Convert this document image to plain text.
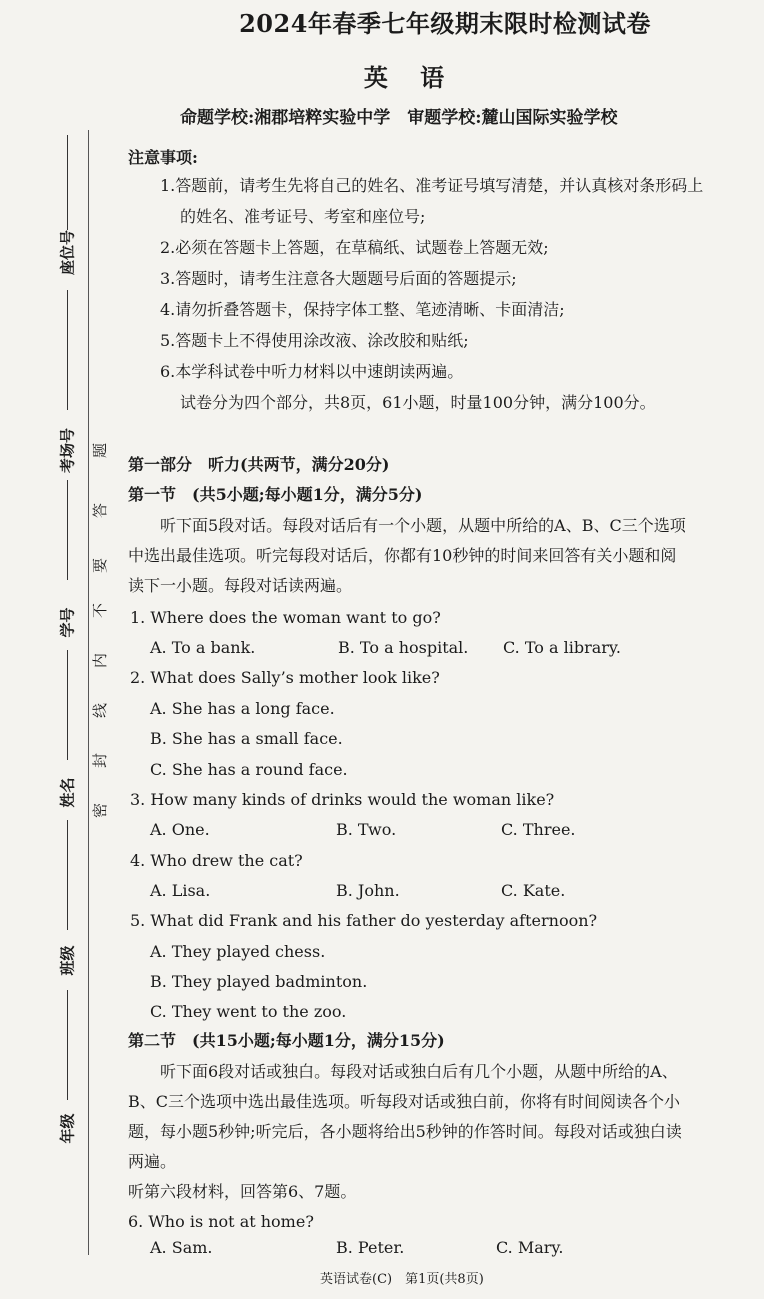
2024年春季七年级期末限时检测试卷
英 语
命题学校:湘郡培粹实验中学　审题学校:麓山国际实验学校
注意事项:
1.答题前，请考生先将自己的姓名、准考证号填写清楚，并认真核对条形码上
的姓名、准考证号、考室和座位号;
2.必须在答题卡上答题，在草稿纸、试题卷上答题无效;
3.答题时，请考生注意各大题题号后面的答题提示;
4.请勿折叠答题卡，保持字体工整、笔迹清晰、卡面清洁;
5.答题卡上不得使用涂改液、涂改胶和贴纸;
6.本学科试卷中听力材料以中速朗读两遍。
试卷分为四个部分，共8页，61小题，时量100分钟，满分100分。
第一部分　听力(共两节，满分20分)
第一节　(共5小题;每小题1分，满分5分)
听下面5段对话。每段对话后有一个小题，从题中所给的A、B、C三个选项
中选出最佳选项。听完每段对话后，你都有10秒钟的时间来回答有关小题和阅
读下一小题。每段对话读两遍。
1. Where does the woman want to go?
A. To a bank.	B. To a hospital. C. To a library.
2. What does Sally’s mother look like?
A. She has a long face.
B. She has a small face.
C. She has a round face.
3. How many kinds of drinks would the woman like?
A. One.	B. Two.	C. Three.
4. Who drew the cat?
A. Lisa.	B. John.	C. Kate.
5. What did Frank and his father do yesterday afternoon?
A. They played chess.
B. They played badminton.
C. They went to the zoo.
第二节　(共15小题;每小题1分，满分15分)
听下面6段对话或独白。每段对话或独白后有几个小题，从题中所给的A、
B、C三个选项中选出最佳选项。听每段对话或独白前，你将有时间阅读各个小
题，每小题5秒钟;听完后，各小题将给出5秒钟的作答时间。每段对话或独白读
两遍。
听第六段材料，回答第6、7题。
6. Who is not at home?
A. Sam.	B. Peter.	C. Mary.
座位号
考场号
学号
姓名
班级
年级
题
答
要
不
内
线
封
密
英语试卷(C)　第1页(共8页)
